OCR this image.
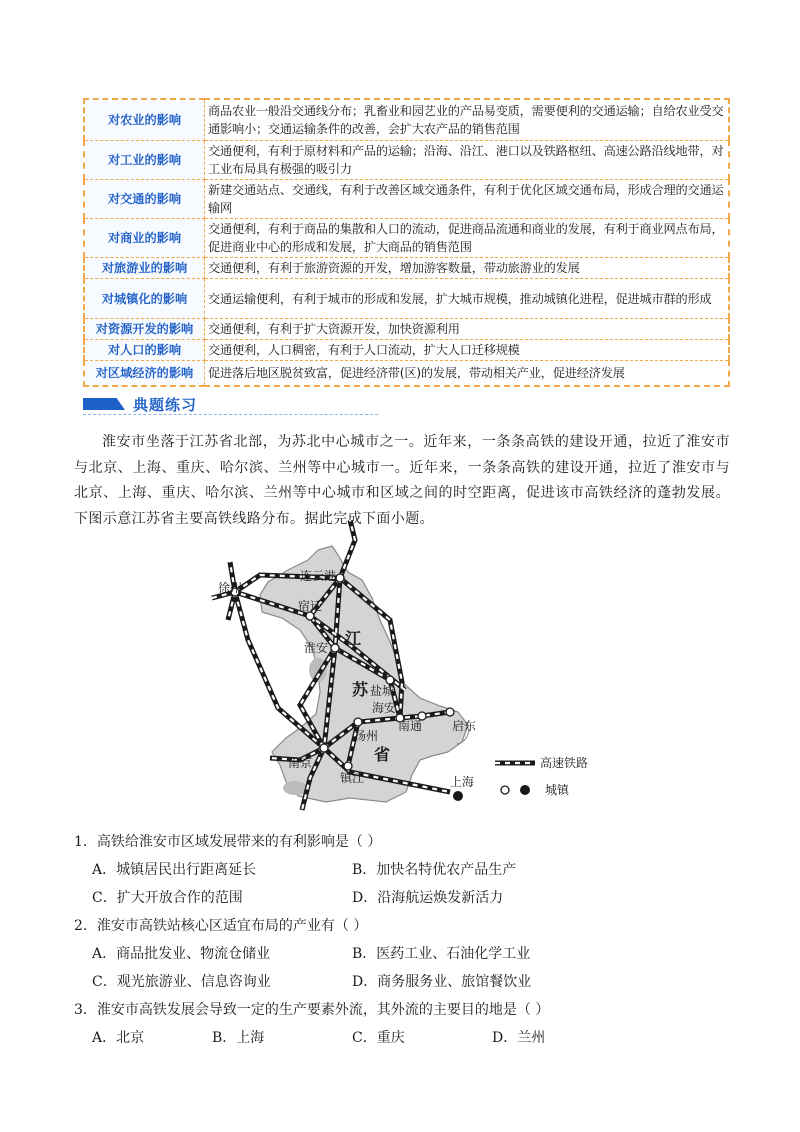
对农业的影响	商品农业一般沿交通线分布；乳畜业和园艺业的产品易变质，需要便利的交通运输；自给农业受交通影响小；交通运输条件的改善，会扩大农产品的销售范围
对工业的影响	交通便利，有利于原材料和产品的运输；沿海、沿江、港口以及铁路枢纽、高速公路沿线地带，对工业布局具有极强的吸引力
对交通的影响	新建交通站点、交通线，有利于改善区域交通条件，有利于优化区域交通布局，形成合理的交通运输网
对商业的影响	交通便利，有利于商品的集散和人口的流动，促进商品流通和商业的发展，有利于商业网点布局，促进商业中心的形成和发展，扩大商品的销售范围
对旅游业的影响	交通便利，有利于旅游资源的开发，增加游客数量，带动旅游业的发展
对城镇化的影响	交通运输便利，有利于城市的形成和发展，扩大城市规模，推动城镇化进程，促进城市群的形成
对资源开发的影响	交通便利，有利于扩大资源开发，加快资源利用
对人口的影响	交通便利，人口稠密，有利于人口流动，扩大人口迁移规模
对区域经济的影响	促进落后地区脱贫致富，促进经济带(区)的发展，带动相关产业，促进经济发展
典题练习
淮安市坐落于江苏省北部，为苏北中心城市之一。近年来，一条条高铁的建设开通，拉近了淮安市与北京、上海、重庆、哈尔滨、兰州等中心城市一。近年来，一条条高铁的建设开通，拉近了淮安市与北京、上海、重庆、哈尔滨、兰州等中心城市和区域之间的时空距离，促进该市高铁经济的蓬勃发展。下图示意江苏省主要高铁线路分布。据此完成下面小题。
徐州
连云港
宿迁
淮安
盐城
海安
南通 启东
扬州
南京
镇江	上海
江
苏
省	高速铁路
城镇
1．高铁给淮安市区域发展带来的有利影响是（ ）
A．城镇居民出行距离延长	B．加快名特优农产品生产
C．扩大开放合作的范围	D．沿海航运焕发新活力
2．淮安市高铁站核心区适宜布局的产业有（ ）
A．商品批发业、物流仓储业	B．医药工业、石油化学工业
C．观光旅游业、信息咨询业	D．商务服务业、旅馆餐饮业
3．淮安市高铁发展会导致一定的生产要素外流，其外流的主要目的地是（ ）
A．北京	B．上海	C．重庆	D．兰州
